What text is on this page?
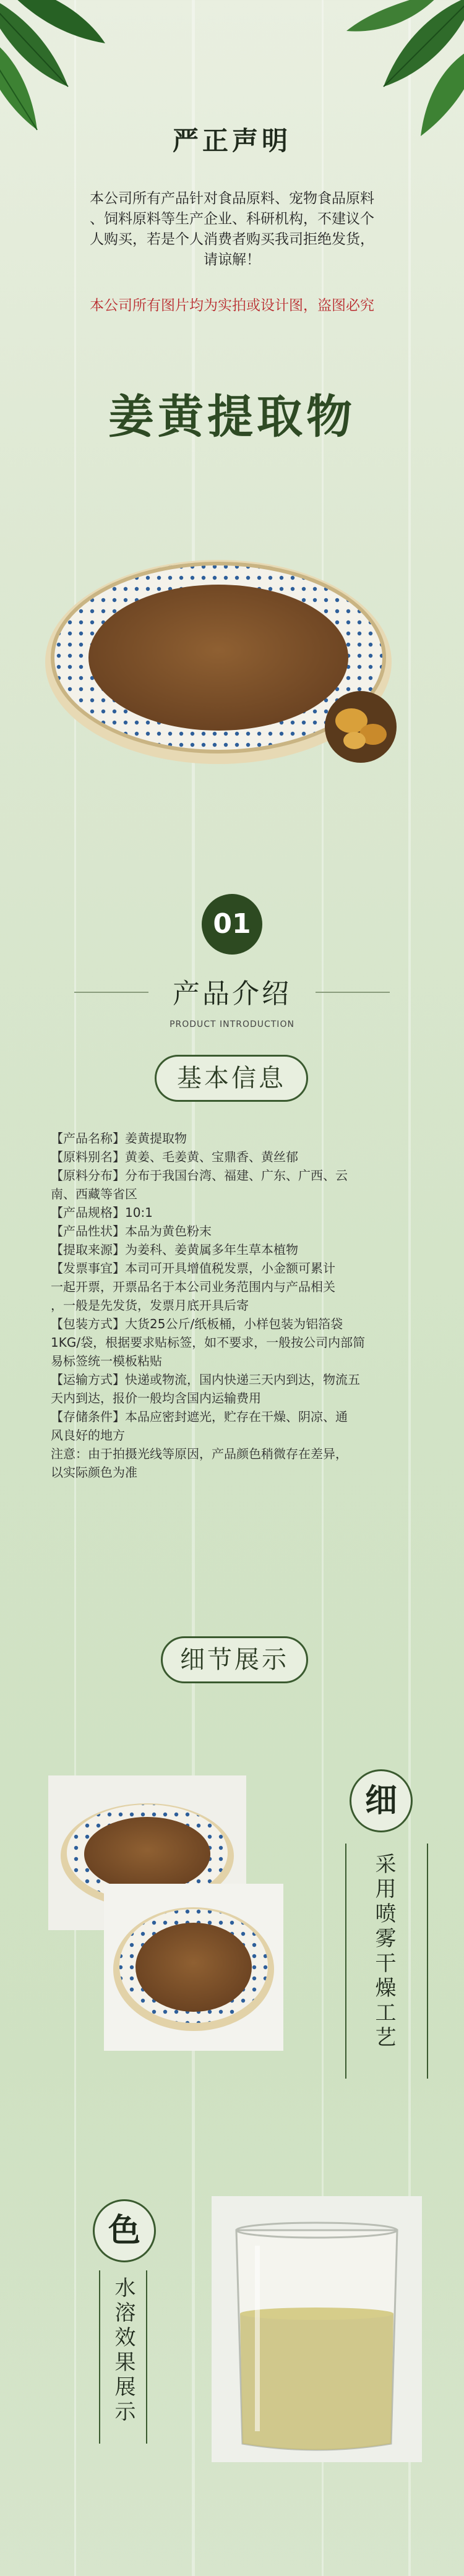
严正声明
本公司所有产品针对食品原料、宠物食品原料
、饲料原料等生产企业、科研机构，不建议个
人购买，若是个人消费者购买我司拒绝发货，
请谅解！
本公司所有图片均为实拍或设计图，盗图必究
姜黄提取物
01
产品介绍
PRODUCT INTRODUCTION
基本信息
【产品名称】姜黄提取物
【原料别名】黄姜、毛姜黄、宝鼎香、黄丝郁
【原料分布】分布于我国台湾、福建、广东、广西、云
南、西藏等省区
【产品规格】10:1
【产品性状】本品为黄色粉末
【提取来源】为姜科、姜黄属多年生草本植物
【发票事宜】本司可开具增值税发票，小金额可累计
一起开票，开票品名于本公司业务范围内与产品相关
，一般是先发货，发票月底开具后寄
【包装方式】大货25公斤/纸板桶，小样包装为铝箔袋
1KG/袋，根据要求贴标签，如不要求，一般按公司内部简
易标签统一模板粘贴
【运输方式】快递或物流，国内快递三天内到达，物流五
天内到达，报价一般均含国内运输费用
【存储条件】本品应密封遮光，贮存在干燥、阴凉、通
风良好的地方
注意：由于拍摄光线等原因，产品颜色稍微存在差异，
以实际颜色为准
细节展示
细
采用喷雾干燥工艺
色
水溶效果展示
